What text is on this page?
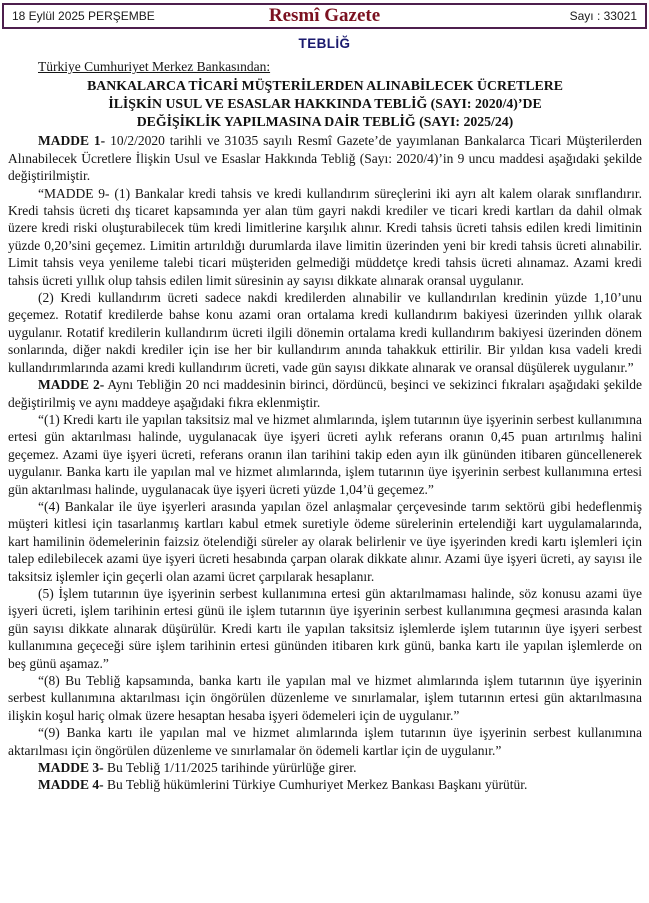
18 Eylül 2025 PERŞEMBE	Resmî Gazete	Sayı : 33021
TEBLİĞ

Türkiye Cumhuriyet Merkez Bankasından:

BANKALARCA TİCARİ MÜŞTERİLERDEN ALINABİLECEK ÜCRETLERE
İLİŞKİN USUL VE ESASLAR HAKKINDA TEBLİĞ (SAYI: 2020/4)’DE
DEĞİŞİKLİK YAPILMASINA DAİR TEBLİĞ (SAYI: 2025/24)

MADDE 1- 10/2/2020 tarihli ve 31035 sayılı Resmî Gazete’de yayımlanan Bankalarca Ticari Müşterilerden Alınabilecek Ücretlere İlişkin Usul ve Esaslar Hakkında Tebliğ (Sayı: 2020/4)’in 9 uncu maddesi aşağıdaki şekilde değiştirilmiştir.

“MADDE 9- (1) Bankalar kredi tahsis ve kredi kullandırım süreçlerini iki ayrı alt kalem olarak sınıflandırır. Kredi tahsis ücreti dış ticaret kapsamında yer alan tüm gayri nakdi krediler ve ticari kredi kartları da dahil olmak üzere kredi riski oluşturabilecek tüm kredi limitlerine karşılık alınır. Kredi tahsis ücreti tahsis edilen kredi limitinin yüzde 0,20’sini geçemez. Limitin artırıldığı durumlarda ilave limitin üzerinden yeni bir kredi tahsis ücreti alınabilir. Limit tahsis veya yenileme talebi ticari müşteriden gelmediği müddetçe kredi tahsis ücreti alınamaz. Azami kredi tahsis ücreti yıllık olup tahsis edilen limit süresinin ay sayısı dikkate alınarak oransal uygulanır.

(2) Kredi kullandırım ücreti sadece nakdi kredilerden alınabilir ve kullandırılan kredinin yüzde 1,10’unu geçemez. Rotatif kredilerde bahse konu azami oran ortalama kredi kullandırım bakiyesi üzerinden yıllık olarak uygulanır. Rotatif kredilerin kullandırım ücreti ilgili dönemin ortalama kredi kullandırım bakiyesi üzerinden dönem sonlarında, diğer nakdi krediler için ise her bir kullandırım anında tahakkuk ettirilir. Bir yıldan kısa vadeli kredi kullandırımlarında azami kredi kullandırım ücreti, vade gün sayısı dikkate alınarak ve oransal düşülerek uygulanır.”

MADDE 2- Aynı Tebliğin 20 nci maddesinin birinci, dördüncü, beşinci ve sekizinci fıkraları aşağıdaki şekilde değiştirilmiş ve aynı maddeye aşağıdaki fıkra eklenmiştir.

“(1) Kredi kartı ile yapılan taksitsiz mal ve hizmet alımlarında, işlem tutarının üye işyerinin serbest kullanımına ertesi gün aktarılması halinde, uygulanacak üye işyeri ücreti aylık referans oranın 0,45 puan artırılmış halini geçemez. Azami üye işyeri ücreti, referans oranın ilan tarihini takip eden ayın ilk gününden itibaren güncellenerek uygulanır. Banka kartı ile yapılan mal ve hizmet alımlarında, işlem tutarının üye işyerinin serbest kullanımına ertesi gün aktarılması halinde, uygulanacak üye işyeri ücreti yüzde 1,04’ü geçemez.”

“(4) Bankalar ile üye işyerleri arasında yapılan özel anlaşmalar çerçevesinde tarım sektörü gibi hedeflenmiş müşteri kitlesi için tasarlanmış kartları kabul etmek suretiyle ödeme sürelerinin ertelendiği kart uygulamalarında, kart hamilinin ödemelerinin faizsiz ötelendiği süreler ay olarak belirlenir ve üye işyerinden kredi kartı işlemleri için talep edilebilecek azami üye işyeri ücreti hesabında çarpan olarak dikkate alınır. Azami üye işyeri ücreti, ay sayısı ile taksitsiz işlemler için geçerli olan azami ücret çarpılarak hesaplanır.

(5) İşlem tutarının üye işyerinin serbest kullanımına ertesi gün aktarılmaması halinde, söz konusu azami üye işyeri ücreti, işlem tarihinin ertesi günü ile işlem tutarının üye işyerinin serbest kullanımına geçmesi arasında kalan gün sayısı dikkate alınarak düşürülür. Kredi kartı ile yapılan taksitsiz işlemlerde işlem tutarının üye işyeri serbest kullanımına geçeceği süre işlem tarihinin ertesi gününden itibaren kırk günü, banka kartı ile yapılan işlemlerde on beş günü aşamaz.”

“(8) Bu Tebliğ kapsamında, banka kartı ile yapılan mal ve hizmet alımlarında işlem tutarının üye işyerinin serbest kullanımına aktarılması için öngörülen düzenleme ve sınırlamalar, işlem tutarının ertesi gün aktarılmasına ilişkin koşul hariç olmak üzere hesaptan hesaba işyeri ödemeleri için de uygulanır.”

“(9) Banka kartı ile yapılan mal ve hizmet alımlarında işlem tutarının üye işyerinin serbest kullanımına aktarılması için öngörülen düzenleme ve sınırlamalar ön ödemeli kartlar için de uygulanır.”

MADDE 3- Bu Tebliğ 1/11/2025 tarihinde yürürlüğe girer.

MADDE 4- Bu Tebliğ hükümlerini Türkiye Cumhuriyet Merkez Bankası Başkanı yürütür.
